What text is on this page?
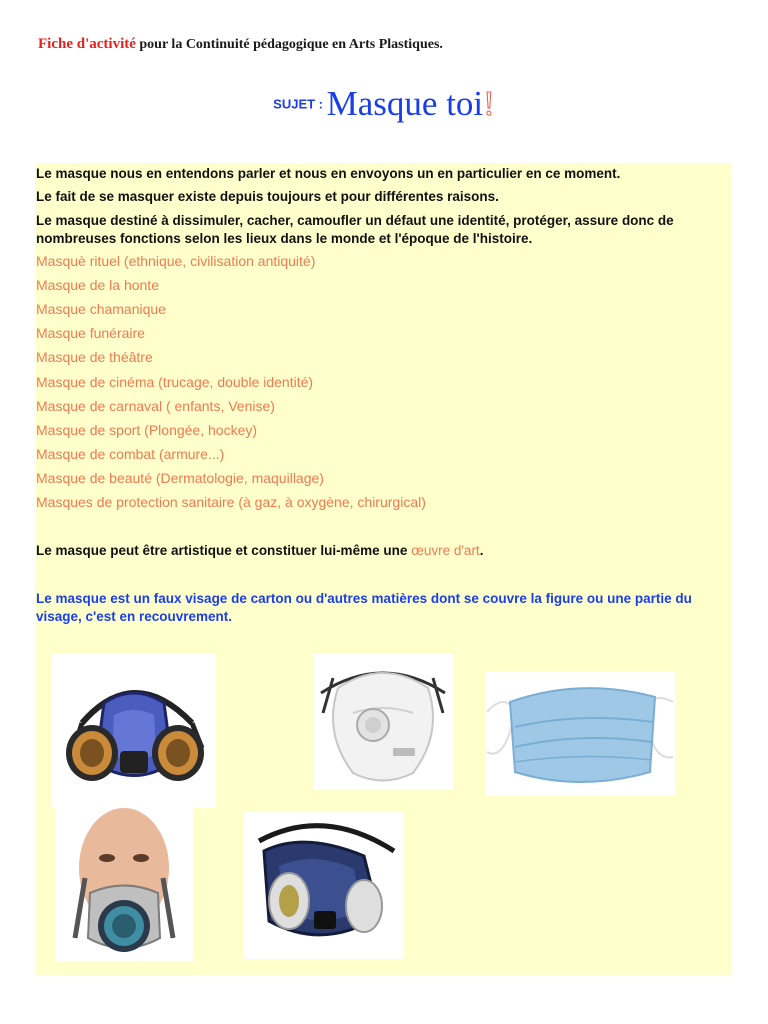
Fiche d'activité pour la Continuité pédagogique en Arts Plastiques.
SUJET : Masque toi!
Le masque nous en entendons parler et nous en envoyons un en particulier en ce moment.
Le fait de se masquer existe depuis toujours et pour différentes raisons.
Le masque destiné à dissimuler, cacher, camoufler un défaut une identité, protéger, assure donc de nombreuses fonctions selon les lieux dans le monde et l'époque de l'histoire.
Masquè rituel (ethnique, civilisation antiquité)
Masque de la honte
Masque chamanique
Masque funéraire
Masque de théâtre
Masque de cinéma (trucage, double identité)
Masque de carnaval ( enfants, Venise)
Masque de sport (Plongée, hockey)
Masque de combat (armure...)
Masque de beauté (Dermatologie, maquillage)
Masques de protection sanitaire (à gaz, à oxygène, chirurgical)
Le masque peut être artistique et constituer lui-même une œuvre d'art.
Le masque est un faux visage de carton ou d'autres matières dont se couvre la figure ou une partie du visage, c'est en recouvrement.
